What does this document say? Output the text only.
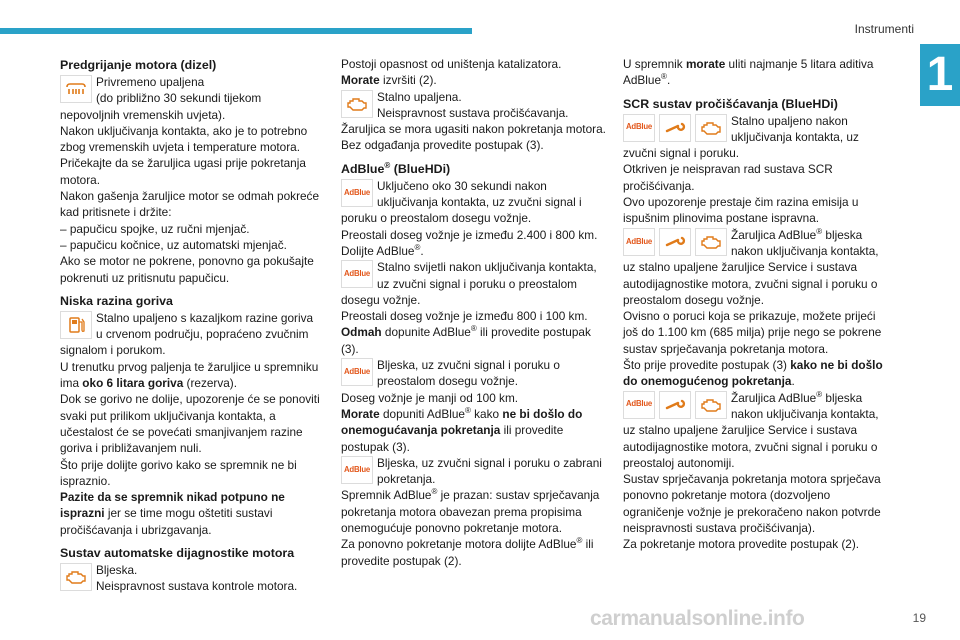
Instrumenti
1
Predgrijanje motora (dizel)

Privremeno upaljena

(do približno 30 sekundi tijekom

nepovoljnih vremenskih uvjeta).

Nakon uključivanja kontakta, ako je to potrebno zbog vremenskih uvjeta i temperature motora. Pričekajte da se žaruljica ugasi prije pokretanja motora.

Nakon gašenja žaruljice motor se odmah pokreće kad pritisnete i držite:

– papučicu spojke, uz ručni mjenjač.

– papučicu kočnice, uz automatski mjenjač.

Ako se motor ne pokrene, ponovno ga pokušajte pokrenuti uz pritisnutu papučicu.

Niska razina goriva

Stalno upaljeno s kazaljkom razine goriva u crvenom području, popraćeno zvučnim signalom i porukom.

U trenutku prvog paljenja te žaruljice u spremniku ima oko 6 litara goriva (rezerva).

Dok se gorivo ne dolije, upozorenje će se ponoviti svaki put prilikom uključivanja kontakta, a učestalost će se povećati smanjivanjem razine goriva i približavanjem nuli.

Što prije dolijte gorivo kako se spremnik ne bi ispraznio.

Pazite da se spremnik nikad potpuno ne isprazni jer se time mogu oštetiti sustavi pročišćavanja i ubrizgavanja.

Sustav automatske dijagnostike motora

Bljeska.

Neispravnost sustava kontrole motora.

Postoji opasnost od uništenja katalizatora.

Morate izvršiti (2).

Stalno upaljena.

Neispravnost sustava pročišćavanja.

Žaruljica se mora ugasiti nakon pokretanja motora.

Bez odgađanja provedite postupak (3).

AdBlue® (BlueHDi)
AdBlue Uključeno oko 30 sekundi nakon uključivanja kontakta, uz zvučni signal i poruku o preostalom dosegu vožnje.

Preostali doseg vožnje je između 2.400 i 800 km.

Dolijte AdBlue®.

AdBlue Stalno svijetli nakon uključivanja kontakta, uz zvučni signal i poruku o preostalom dosegu vožnje.

Preostali doseg vožnje je između 800 i 100 km.

Odmah dopunite AdBlue® ili provedite postupak (3).

AdBlue Bljeska, uz zvučni signal i poruku o preostalom dosegu vožnje.

Doseg vožnje je manji od 100 km.

Morate dopuniti AdBlue® kako ne bi došlo do onemogućavanja pokretanja ili provedite postupak (3).

AdBlue Bljeska, uz zvučni signal i poruku o zabrani pokretanja.

Spremnik AdBlue® je prazan: sustav sprječavanja pokretanja motora obavezan prema propisima onemogućuje ponovno pokretanje motora.

Za ponovno pokretanje motora dolijte AdBlue® ili provedite postupak (2).

U spremnik morate uliti najmanje 5 litara aditiva AdBlue®.

SCR sustav pročišćavanja (BlueHDi)
AdBlue	Stalno upaljeno nakon uključivanja kontakta, uz zvučni signal i poruku.

Otkriven je neispravan rad sustava SCR pročišćivanja.

Ovo upozorenje prestaje čim razina emisija u ispušnim plinovima postane ispravna.

AdBlue	Žaruljica AdBlue® bljeska nakon uključivanja kontakta, uz stalno upaljene žaruljice Service i sustava autodijagnostike motora, zvučni signal i poruku o preostalom dosegu vožnje.

Ovisno o poruci koja se prikazuje, možete prijeći još do 1.100 km (685 milja) prije nego se pokrene sustav sprječavanja pokretanja motora.

Što prije provedite postupak (3) kako ne bi došlo do onemogućenog pokretanja.

AdBlue	Žaruljica AdBlue® bljeska nakon uključivanja kontakta, uz stalno upaljene žaruljice Service i sustava autodijagnostike motora, zvučni signal i poruku o preostaloj autonomiji.

Sustav sprječavanja pokretanja motora sprječava ponovno pokretanje motora (dozvoljeno ograničenje vožnje je prekoračeno nakon potvrde neispravnosti sustava pročišćivanja).

Za pokretanje motora provedite postupak (2).

carmanualsonline.info	19
